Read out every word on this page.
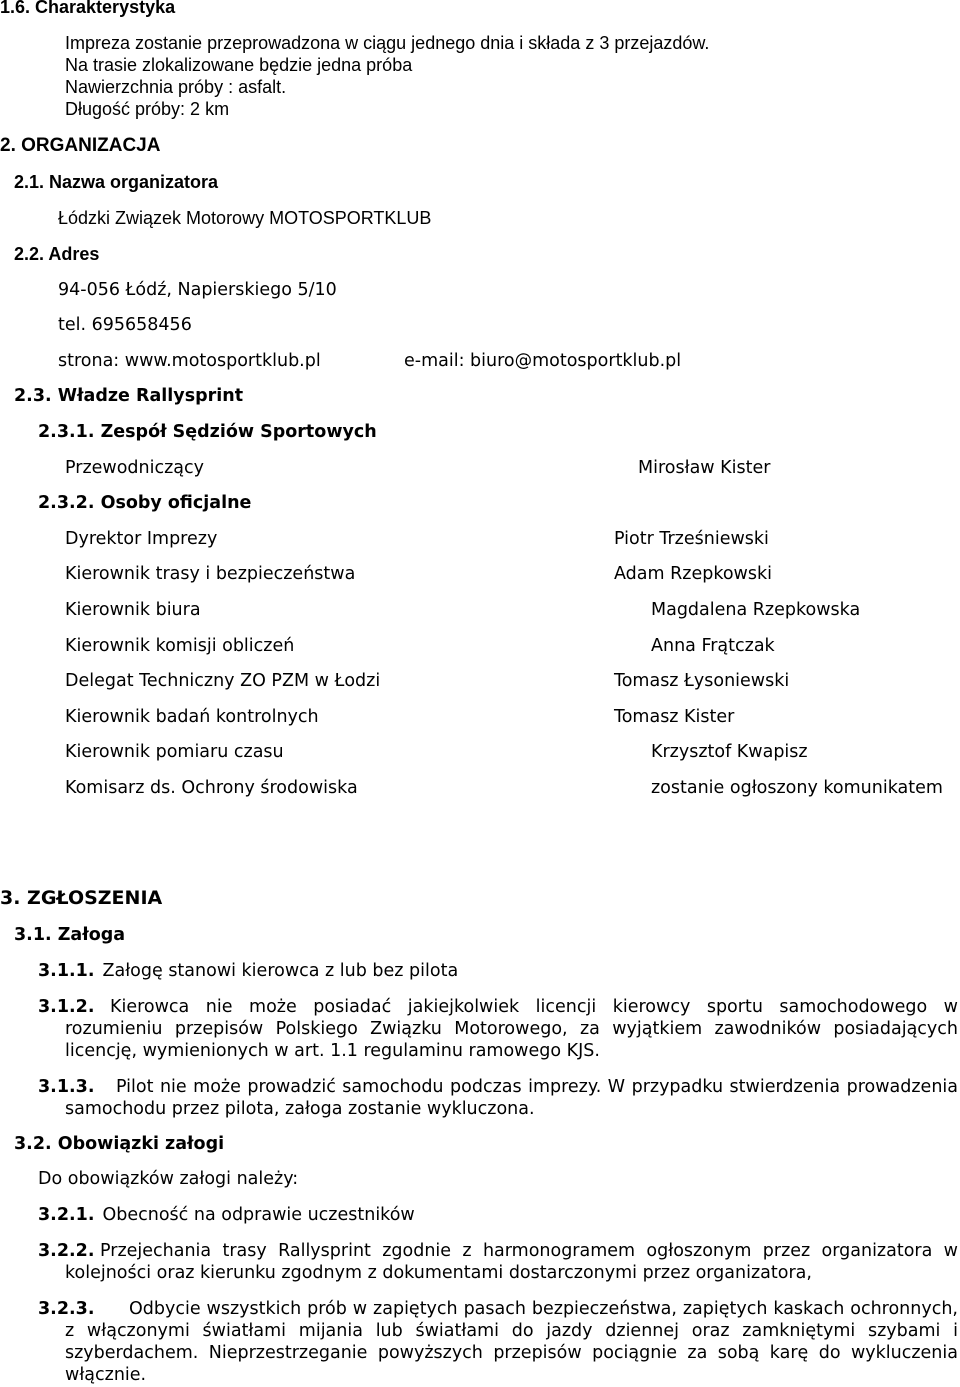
1.6. Charakterystyka
Impreza zostanie przeprowadzona w ciągu jednego dnia i składa z 3 przejazdów.
Na trasie zlokalizowane będzie jedna próba
Nawierzchnia próby : asfalt.
Długość próby: 2 km
2. ORGANIZACJA
2.1. Nazwa organizatora
Łódzki Związek Motorowy MOTOSPORTKLUB
2.2. Adres
94-056 Łódź, Napierskiego 5/10
tel. 695658456
strona: www.motosportklub.pl	e-mail: biuro@motosportklub.pl
2.3. Władze Rallysprint
2.3.1. Zespół Sędziów Sportowych
Przewodniczący	Mirosław Kister
2.3.2. Osoby oficjalne
Dyrektor Imprezy	Piotr Trześniewski
Kierownik trasy i bezpieczeństwa	Adam Rzepkowski
Kierownik biura	Magdalena Rzepkowska
Kierownik komisji obliczeń	Anna Frątczak
Delegat Techniczny ZO PZM w Łodzi	Tomasz Łysoniewski
Kierownik badań kontrolnych	Tomasz Kister
Kierownik pomiaru czasu	Krzysztof Kwapisz
Komisarz ds. Ochrony środowiska	zostanie ogłoszony komunikatem
3. ZGŁOSZENIA
3.1. Załoga
3.1.1. Załogę stanowi kierowca z lub bez pilota
3.1.2. Kierowca nie może posiadać jakiejkolwiek licencji kierowcy sportu samochodowego w rozumieniu przepisów Polskiego Związku Motorowego, za wyjątkiem zawodników posiadających licencję, wymienionych w art. 1.1 regulaminu ramowego KJS.
3.1.3.	Pilot nie może prowadzić samochodu podczas imprezy. W przypadku stwierdzenia prowadzenia samochodu przez pilota, załoga zostanie wykluczona.
3.2. Obowiązki załogi
Do obowiązków załogi należy:
3.2.1. Obecność na odprawie uczestników
3.2.2. Przejechania trasy Rallysprint zgodnie z harmonogramem ogłoszonym przez organizatora w kolejności oraz kierunku zgodnym z dokumentami dostarczonymi przez organizatora,
3.2.3.	Odbycie wszystkich prób w zapiętych pasach bezpieczeństwa, zapiętych kaskach ochronnych, z włączonymi światłami mijania lub światłami do jazdy dziennej oraz zamkniętymi szybami i szyberdachem. Nieprzestrzeganie powyższych przepisów pociągnie za sobą karę do wykluczenia włącznie.
